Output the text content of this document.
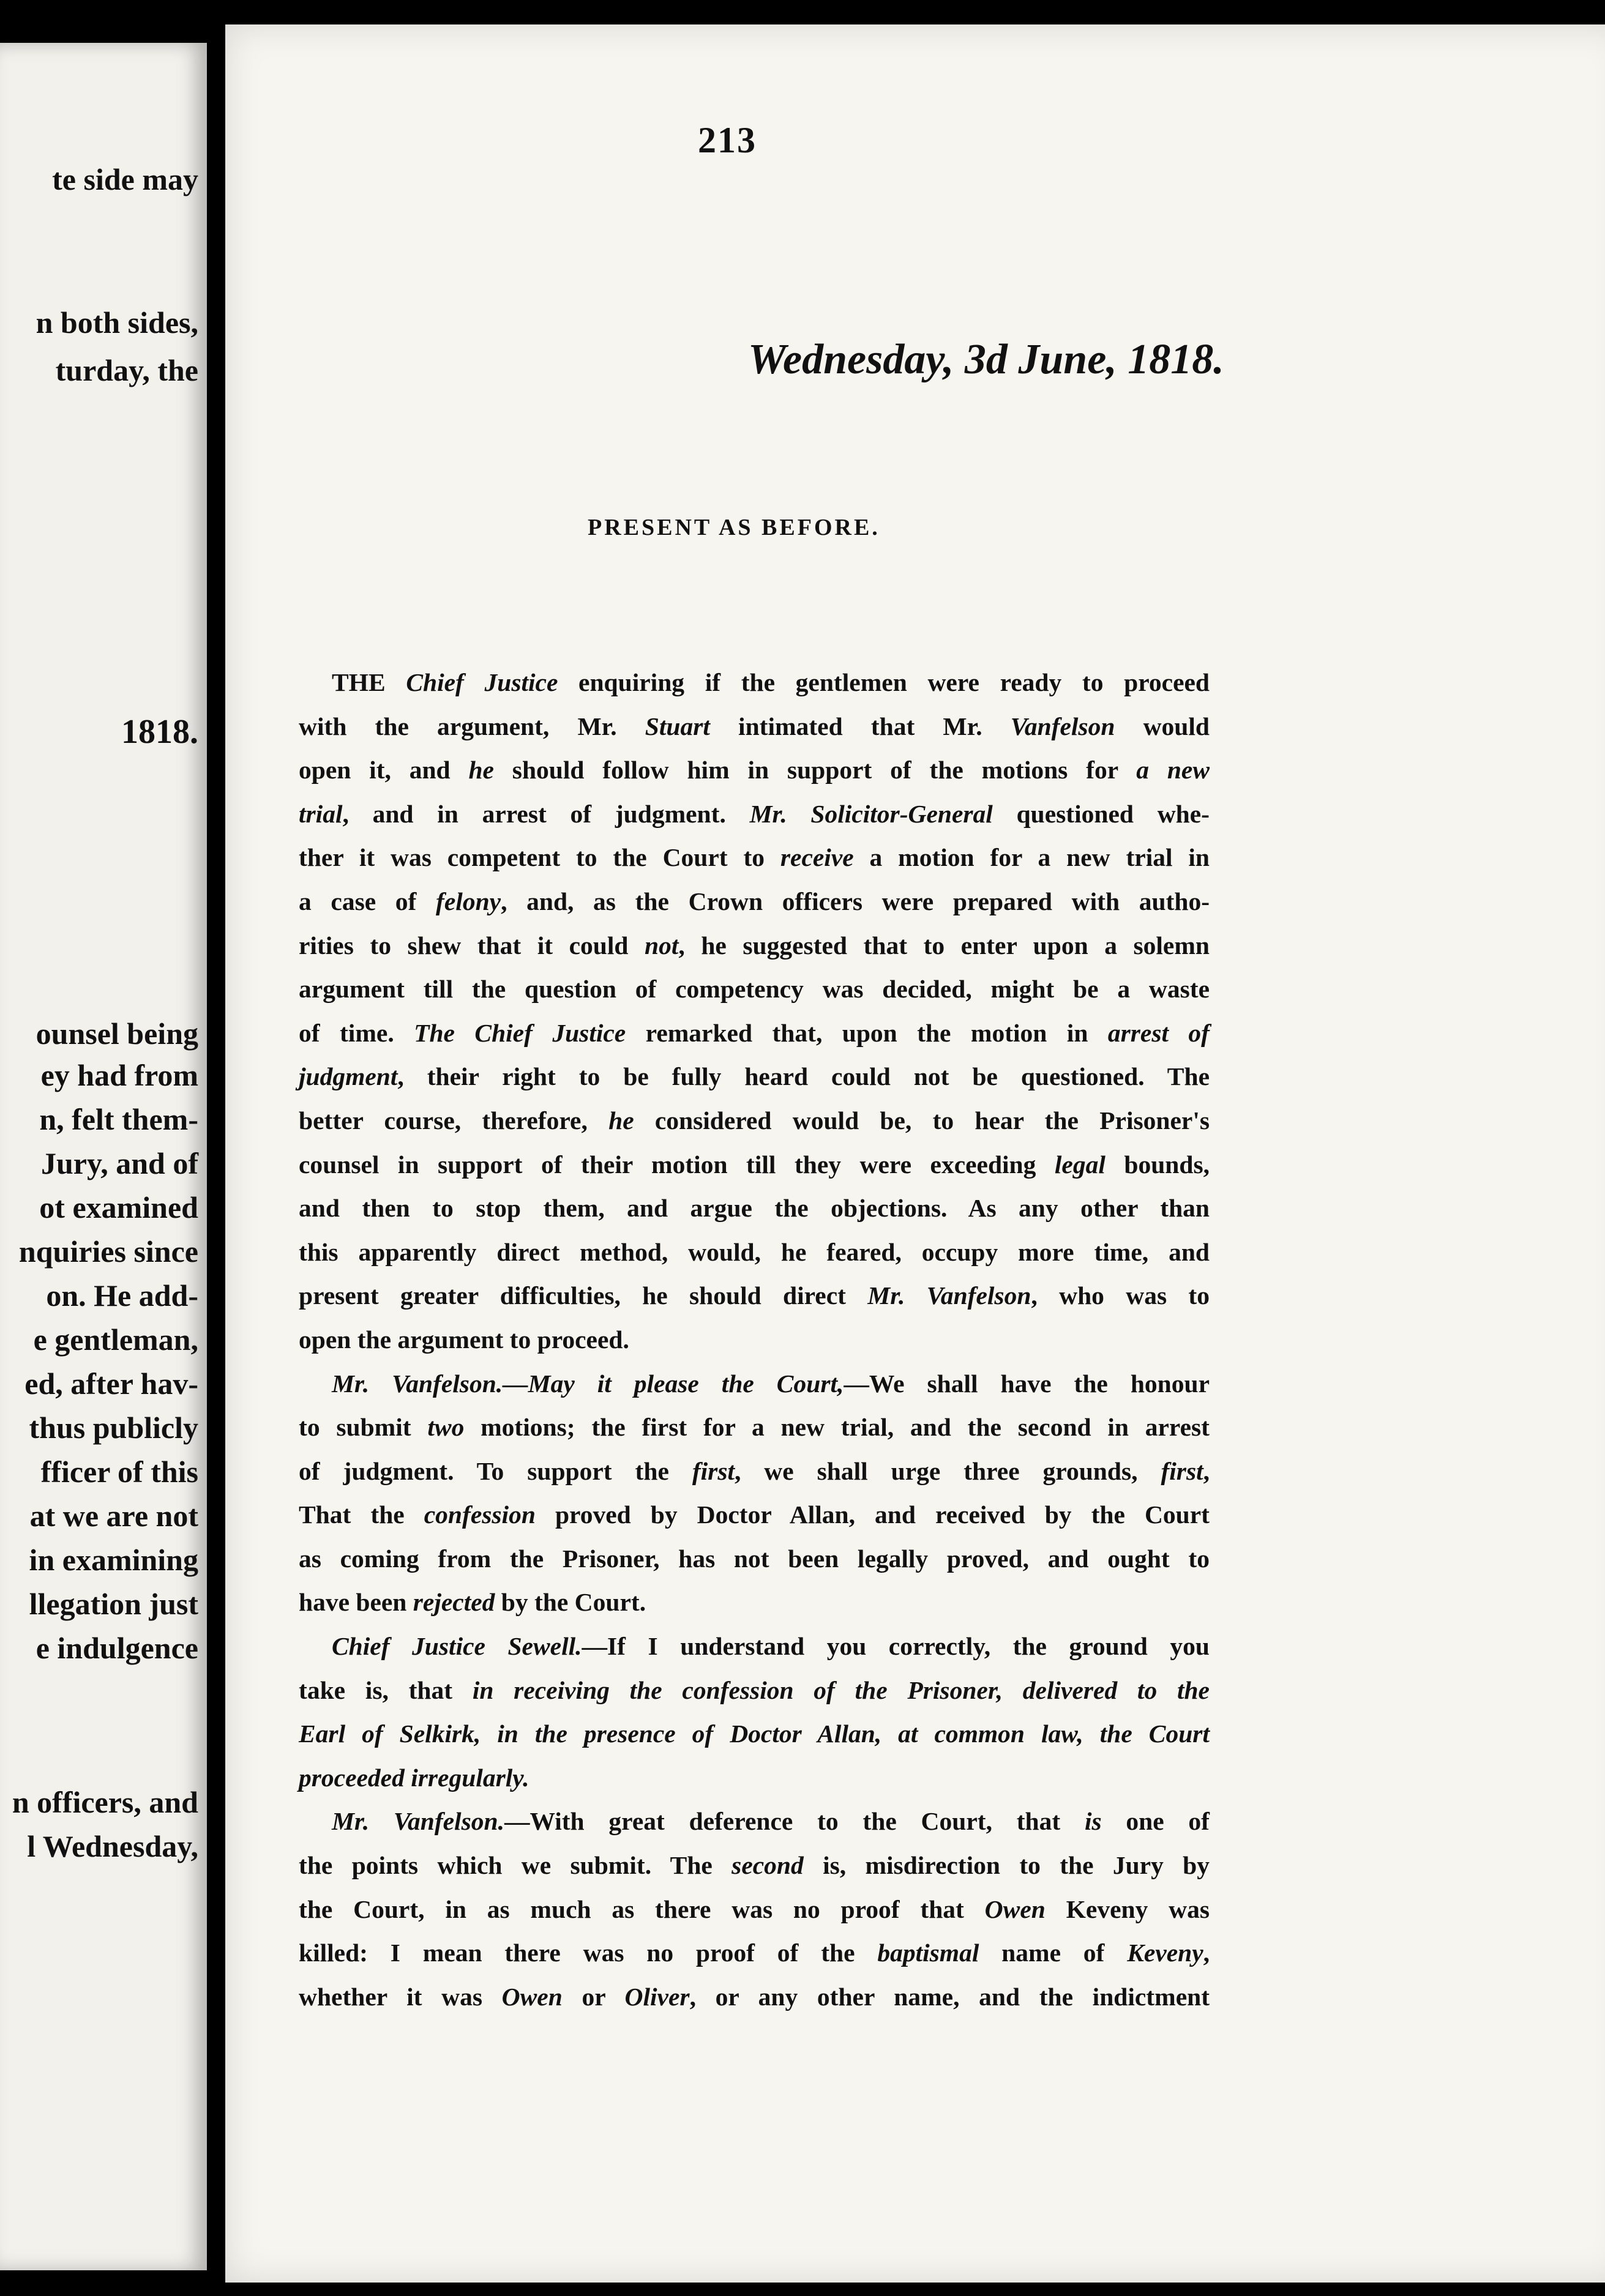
te side may
n both sides,
turday, the
1818.
ounsel being
ey had from
n, felt them-
Jury, and of
ot examined
nquiries since
on. He add-
e gentleman,
ed, after hav-
thus publicly
fficer of this
at we are not
in examining
llegation just
e indulgence
n officers, and
l Wednesday,
213
Wednesday, 3d June, 1818.
PRESENT AS BEFORE.
THE Chief Justice enquiring if the gentlemen were ready to proceed
with the argument, Mr. Stuart intimated that Mr. Vanfelson would
open it, and he should follow him in support of the motions for a new
trial, and in arrest of judgment. Mr. Solicitor-General questioned whe-
ther it was competent to the Court to receive a motion for a new trial in
a case of felony, and, as the Crown officers were prepared with autho-
rities to shew that it could not, he suggested that to enter upon a solemn
argument till the question of competency was decided, might be a waste
of time. The Chief Justice remarked that, upon the motion in arrest of
judgment, their right to be fully heard could not be questioned. The
better course, therefore, he considered would be, to hear the Prisoner's
counsel in support of their motion till they were exceeding legal bounds,
and then to stop them, and argue the objections. As any other than
this apparently direct method, would, he feared, occupy more time, and
present greater difficulties, he should direct Mr. Vanfelson, who was to
open the argument to proceed.
Mr. Vanfelson.—May it please the Court,—We shall have the honour
to submit two motions; the first for a new trial, and the second in arrest
of judgment. To support the first, we shall urge three grounds, first,
That the confession proved by Doctor Allan, and received by the Court
as coming from the Prisoner, has not been legally proved, and ought to
have been rejected by the Court.
Chief Justice Sewell.—If I understand you correctly, the ground you
take is, that in receiving the confession of the Prisoner, delivered to the
Earl of Selkirk, in the presence of Doctor Allan, at common law, the Court
proceeded irregularly.
Mr. Vanfelson.—With great deference to the Court, that is one of
the points which we submit. The second is, misdirection to the Jury by
the Court, in as much as there was no proof that Owen Keveny was
killed: I mean there was no proof of the baptismal name of Keveny,
whether it was Owen or Oliver, or any other name, and the indictment
